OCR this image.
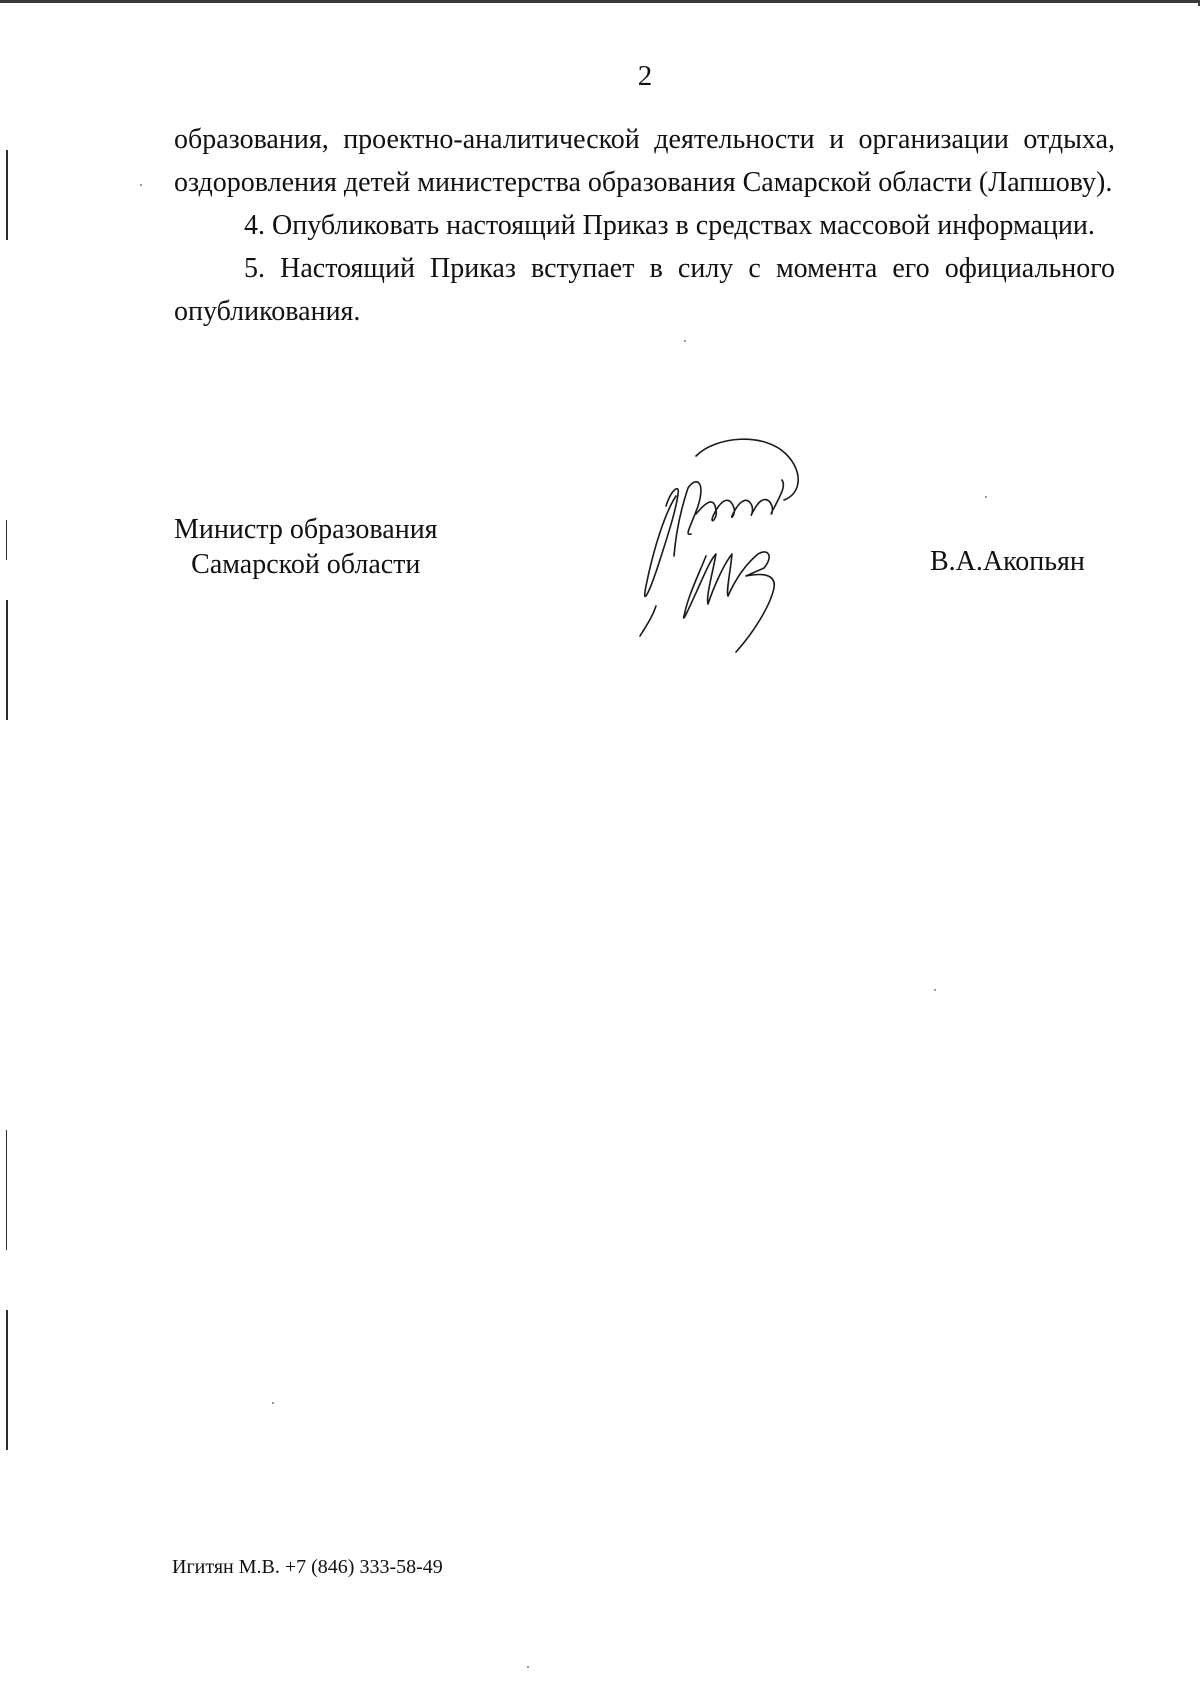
2

образования, проектно-аналитической деятельности и организации отдыха, оздоровления детей министерства образования Самарской области (Лапшову).

4. Опубликовать настоящий Приказ в средствах массовой информации.

5. Настоящий Приказ вступает в силу с момента его официального опубликования.

Министр образования
Самарской области	В.А.Акопьян
Игитян М.В. +7 (846) 333-58-49
